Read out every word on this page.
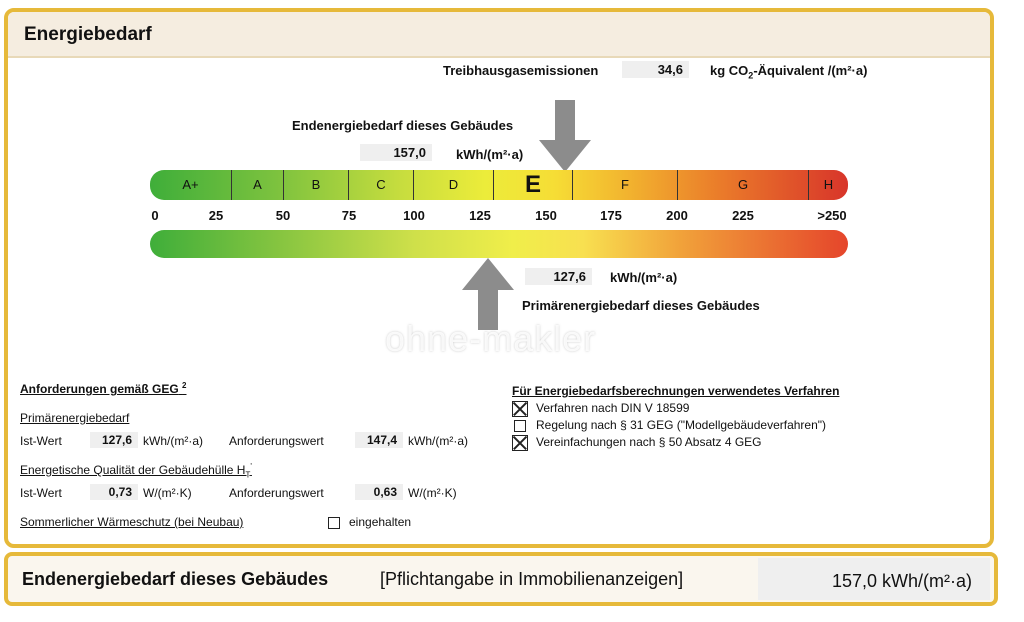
Energiebedarf
Treibhausgasemissionen	34,6	kg $CO_2$-Äquivalent /(m²·a)
Endenergiebedarf dieses Gebäudes
157,0	kWh/(m²·a)
A+	A	B	C	D	E	F	G	H
0	25	50	75	100	125	150	175	200	225	>250
127,6	kWh/(m²·a)
Primärenergiebedarf dieses Gebäudes
ohne-makler
Anforderungen gemäß GEG $^2$
Primärenergiebedarf
Ist-Wert	127,6 kWh/(m²·a) Anforderungswert	147,4 kWh/(m²·a)
Energetische Qualität der Gebäudehülle $H_T'$
Ist-Wert	0,73 W/(m²·K)	Anforderungswert	0,63 W/(m²·K)
Sommerlicher Wärmeschutz (bei Neubau)	eingehalten
Für Energiebedarfsberechnungen verwendetes Verfahren
Verfahren nach DIN V 18599
Regelung nach § 31 GEG ("Modellgebäudeverfahren")
Vereinfachungen nach § 50 Absatz 4 GEG
Endenergiebedarf dieses Gebäudes	[Pflichtangabe in Immobilienanzeigen]	157,0 kWh/(m²·a)
